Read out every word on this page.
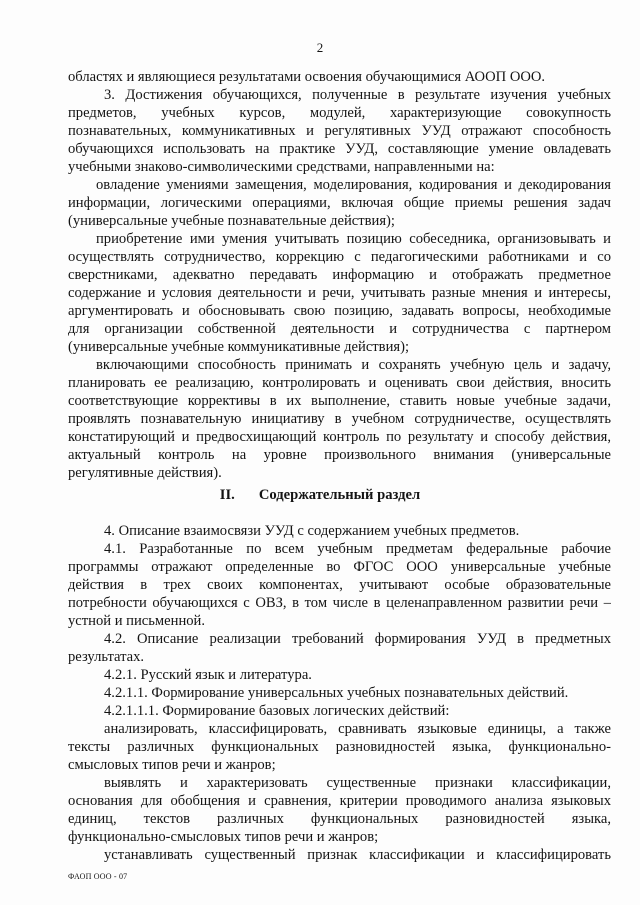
2
областях и являющиеся результатами освоения обучающимися АООП ООО.
3. Достижения обучающихся, полученные в результате изучения учебных
предметов, учебных курсов, модулей, характеризующие совокупность
познавательных, коммуникативных и регулятивных УУД отражают способность
обучающихся использовать на практике УУД, составляющие умение овладевать
учебными знаково-символическими средствами, направленными на:
овладение умениями замещения, моделирования, кодирования и декодирования
информации, логическими операциями, включая общие приемы решения задач
(универсальные учебные познавательные действия);
приобретение ими умения учитывать позицию собеседника, организовывать и
осуществлять сотрудничество, коррекцию с педагогическими работниками и со
сверстниками, адекватно передавать информацию и отображать предметное
содержание и условия деятельности и речи, учитывать разные мнения и интересы,
аргументировать и обосновывать свою позицию, задавать вопросы, необходимые
для организации собственной деятельности и сотрудничества с партнером
(универсальные учебные коммуникативные действия);
включающими способность принимать и сохранять учебную цель и задачу,
планировать ее реализацию, контролировать и оценивать свои действия, вносить
соответствующие коррективы в их выполнение, ставить новые учебные задачи,
проявлять познавательную инициативу в учебном сотрудничестве, осуществлять
констатирующий и предвосхищающий контроль по результату и способу действия,
актуальный контроль на уровне произвольного внимания (универсальные
регулятивные действия).
II. Содержательный раздел
4. Описание взаимосвязи УУД с содержанием учебных предметов.
4.1. Разработанные по всем учебным предметам федеральные рабочие
программы отражают определенные во ФГОС ООО универсальные учебные
действия в трех своих компонентах, учитывают особые образовательные
потребности обучающихся с ОВЗ, в том числе в целенаправленном развитии речи –
устной и письменной.
4.2. Описание реализации требований формирования УУД в предметных
результатах.
4.2.1. Русский язык и литература.
4.2.1.1. Формирование универсальных учебных познавательных действий.
4.2.1.1.1. Формирование базовых логических действий:
анализировать, классифицировать, сравнивать языковые единицы, а также
тексты различных функциональных разновидностей языка, функционально-
смысловых типов речи и жанров;
выявлять и характеризовать существенные признаки классификации,
основания для обобщения и сравнения, критерии проводимого анализа языковых
единиц, текстов различных функциональных разновидностей языка,
функционально-смысловых типов речи и жанров;
устанавливать существенный признак классификации и классифицировать
ФАОП ООО - 07
